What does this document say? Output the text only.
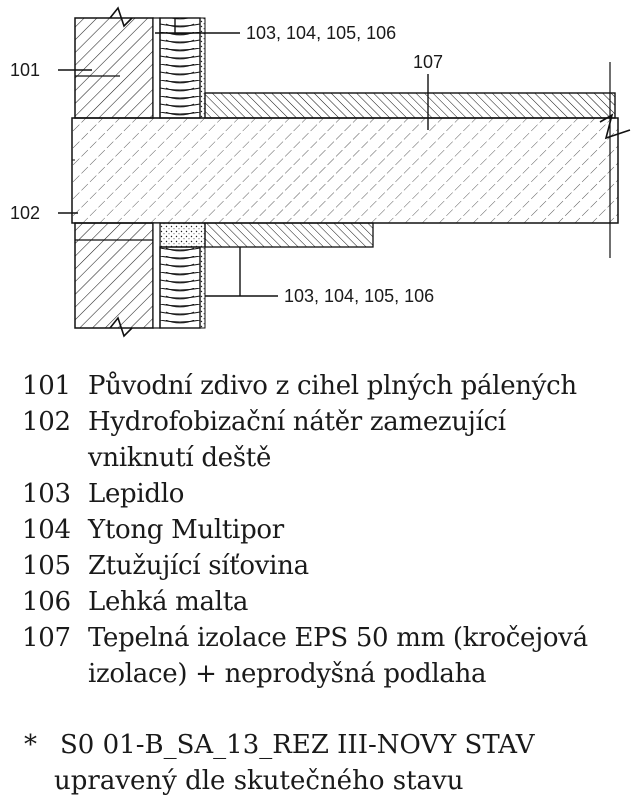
101
102
103, 104, 105, 106
107
103, 104, 105, 106
101 Původní zdivo z cihel plných pálených
102 Hydrofobizační nátěr zamezující
vniknutí deště
103 Lepidlo
104 Ytong Multipor
105 Ztužující síťovina
106 Lehká malta
107 Tepelná izolace EPS 50 mm (kročejová
izolace) + neprodyšná podlaha
* S0 01-B_SA_13_REZ III-NOVY STAV
upravený dle skutečného stavu
